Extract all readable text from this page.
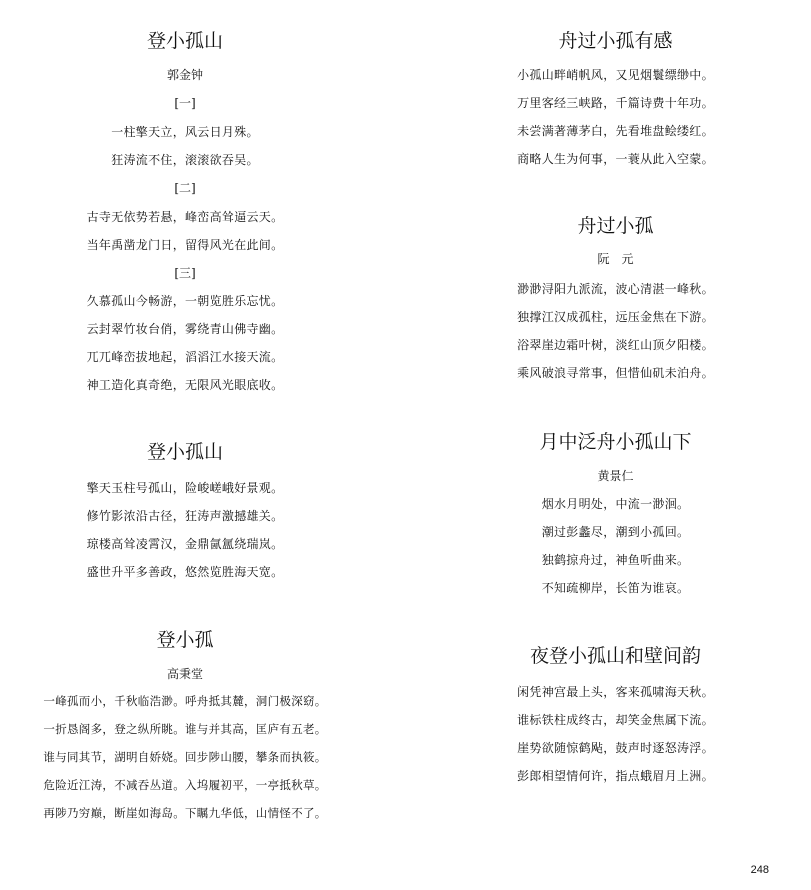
登小孤山
郭金钟
[一]
一柱擎天立，风云日月殊。
狂涛流不住，滚滚欲吞吴。
[二]
古寺无依势若悬，峰峦高耸逼云天。
当年禹凿龙门日，留得风光在此间。
[三]
久慕孤山今畅游，一朝览胜乐忘忧。
云封翠竹妆台俏，雾绕青山佛寺幽。
兀兀峰峦拔地起，滔滔江水接天流。
神工造化真奇绝，无限风光眼底收。
登小孤山
擎天玉柱号孤山，险峻嵯峨好景观。
修竹影浓沿古径，狂涛声激撼雄关。
琼楼高耸凌霄汉，金鼎氤氲绕瑞岚。
盛世升平多善政，悠然览胜海天宽。
登小孤
高秉堂
一峰孤而小，千秋临浩渺。呼舟抵其麓，洞门极深窈。
一折恳阁多，登之纵所眺。谁与并其高，匡庐有五老。
谁与同其节，湖明自娇娆。回步陟山腰，攀条而执筱。
危险近江涛，不减吞丛道。入坞履初平，一亭抵秋草。
再陟乃穷巅，断崖如海岛。下瞩九华低，山情怪不了。
舟过小孤有感
小孤山畔峭帆风，又见烟鬟缥缈中。
万里客经三峡路，千篇诗费十年功。
未尝满著薄茅白，先看堆盘鲙缕红。
商略人生为何事，一蓑从此入空蒙。
舟过小孤
阮　元
渺渺浔阳九派流，波心清湛一峰秋。
独撑江汉成孤柱，远压金焦在下游。
浴翠崖边霜叶树，淡红山顶夕阳楼。
乘风破浪寻常事，但惜仙矶未泊舟。
月中泛舟小孤山下
黄景仁
烟水月明处，中流一渺洄。
潮过彭蠡尽，潮到小孤回。
独鹤掠舟过，神鱼听曲来。
不知疏柳岸，长笛为谁哀。
夜登小孤山和壁间韵
闲凭神宫最上头，客来孤啸海天秋。
谁标铁柱成终古，却笑金焦属下流。
崖势欲随惊鹤飐，鼓声时逐怒涛浮。
彭郎相望情何许，指点蛾眉月上洲。
248
